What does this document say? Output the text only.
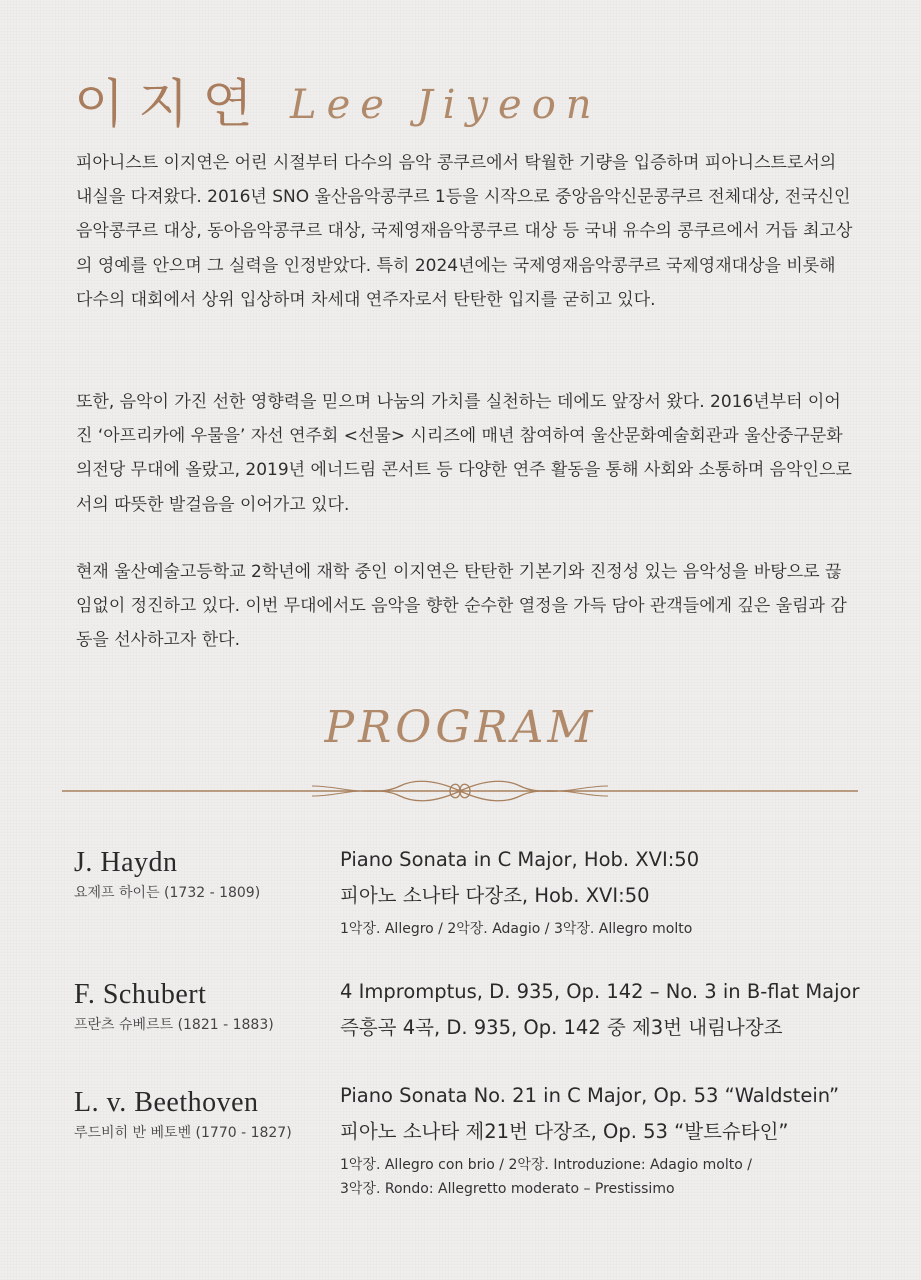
이지연 Lee Jiyeon

피아니스트 이지연은 어린 시절부터 다수의 음악 콩쿠르에서 탁월한 기량을 입증하며 피아니스트로서의 내실을 다져왔다. 2016년 SNO 울산음악콩쿠르 1등을 시작으로 중앙음악신문콩쿠르 전체대상, 전국신인음악콩쿠르 대상, 동아음악콩쿠르 대상, 국제영재음악콩쿠르 대상 등 국내 유수의 콩쿠르에서 거듭 최고상의 영예를 안으며 그 실력을 인정받았다. 특히 2024년에는 국제영재음악콩쿠르 국제영재대상을 비롯해 다수의 대회에서 상위 입상하며 차세대 연주자로서 탄탄한 입지를 굳히고 있다.

또한, 음악이 가진 선한 영향력을 믿으며 나눔의 가치를 실천하는 데에도 앞장서 왔다. 2016년부터 이어진 ‘아프리카에 우물을’ 자선 연주회 <선물> 시리즈에 매년 참여하여 울산문화예술회관과 울산중구문화의전당 무대에 올랐고, 2019년 에너드림 콘서트 등 다양한 연주 활동을 통해 사회와 소통하며 음악인으로서의 따뜻한 발걸음을 이어가고 있다.

현재 울산예술고등학교 2학년에 재학 중인 이지연은 탄탄한 기본기와 진정성 있는 음악성을 바탕으로 끊임없이 정진하고 있다. 이번 무대에서도 음악을 향한 순수한 열정을 가득 담아 관객들에게 깊은 울림과 감동을 선사하고자 한다.

PROGRAM
J. Haydn
요제프 하이든 (1732 - 1809)
Piano Sonata in C Major, Hob. XVI:50
피아노 소나타 다장조, Hob. XVI:50
1악장. Allegro / 2악장. Adagio / 3악장. Allegro molto
F. Schubert
프란츠 슈베르트 (1821 - 1883)
4 Impromptus, D. 935, Op. 142 – No. 3 in B-flat Major
즉흥곡 4곡, D. 935, Op. 142 중 제3번 내림나장조
L. v. Beethoven
루드비히 반 베토벤 (1770 - 1827)
Piano Sonata No. 21 in C Major, Op. 53 “Waldstein”
피아노 소나타 제21번 다장조, Op. 53 “발트슈타인”
1악장. Allegro con brio / 2악장. Introduzione: Adagio molto /
3악장. Rondo: Allegretto moderato – Prestissimo
